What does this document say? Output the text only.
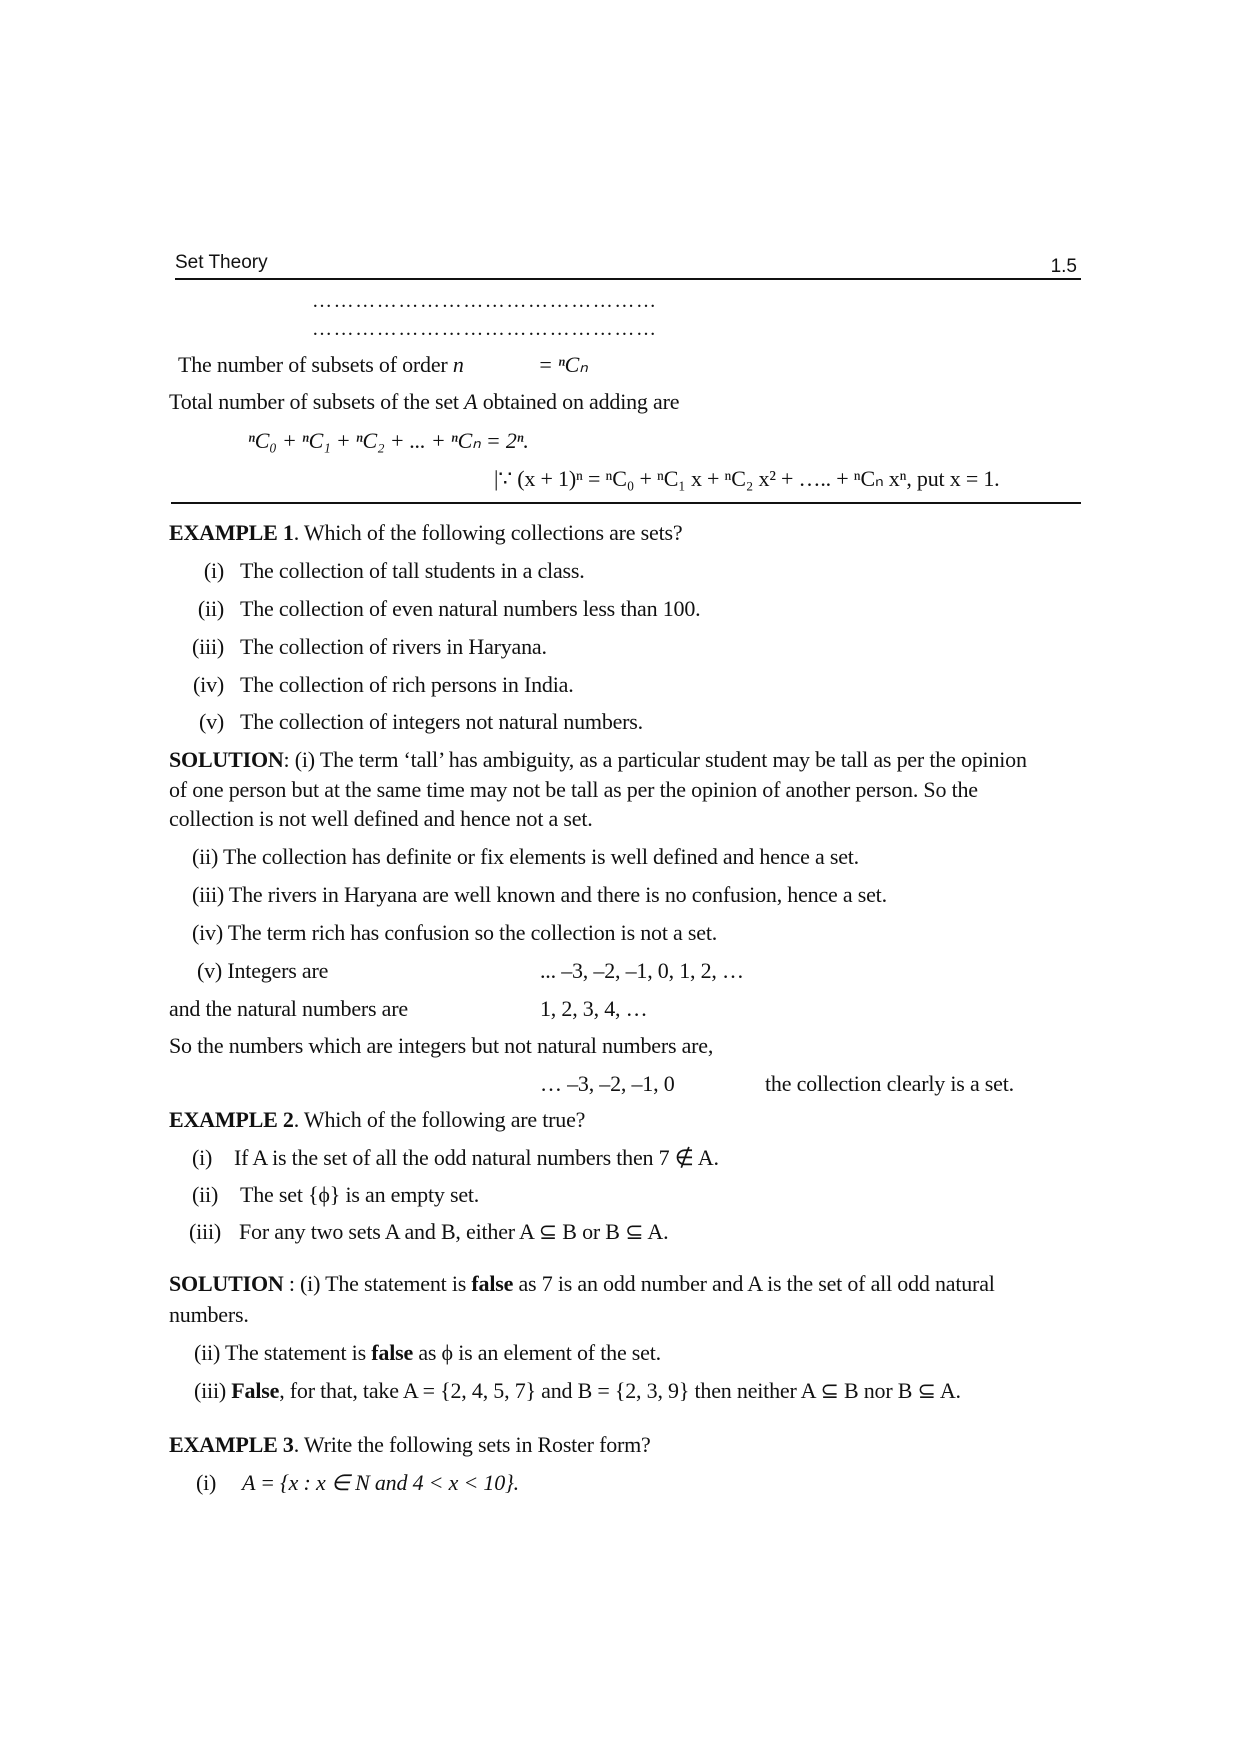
Set Theory	1.5
…………………………………………
…………………………………………
The number of subsets of order n	= ⁿCₙ
Total number of subsets of the set A obtained on adding are
ⁿC₀ + ⁿC₁ + ⁿC₂ + ... + ⁿCₙ = 2ⁿ.
|∵ (x + 1)ⁿ = ⁿC₀ + ⁿC₁ x + ⁿC₂ x² + ….. + ⁿCₙ xⁿ, put x = 1.
EXAMPLE 1. Which of the following collections are sets?
(i) The collection of tall students in a class.
(ii) The collection of even natural numbers less than 100.
(iii) The collection of rivers in Haryana.
(iv) The collection of rich persons in India.
(v) The collection of integers not natural numbers.
SOLUTION: (i) The term ‘tall’ has ambiguity, as a particular student may be tall as per the opinion
of one person but at the same time may not be tall as per the opinion of another person. So the
collection is not well defined and hence not a set.
(ii) The collection has definite or fix elements is well defined and hence a set.
(iii) The rivers in Haryana are well known and there is no confusion, hence a set.
(iv) The term rich has confusion so the collection is not a set.
(v) Integers are	... –3, –2, –1, 0, 1, 2, …
and the natural numbers are	1, 2, 3, 4, …
So the numbers which are integers but not natural numbers are,
… –3, –2, –1, 0	the collection clearly is a set.
EXAMPLE 2. Which of the following are true?
(i) If A is the set of all the odd natural numbers then 7 ∉ A.
(ii) The set {ϕ} is an empty set.
(iii) For any two sets A and B, either A ⊆ B or B ⊆ A.
SOLUTION : (i) The statement is false as 7 is an odd number and A is the set of all odd natural
numbers.
(ii) The statement is false as ϕ is an element of the set.
(iii) False, for that, take A = {2, 4, 5, 7} and B = {2, 3, 9} then neither A ⊆ B nor B ⊆ A.
EXAMPLE 3. Write the following sets in Roster form?
(i) A = {x : x ∈ N and 4 < x < 10}.
